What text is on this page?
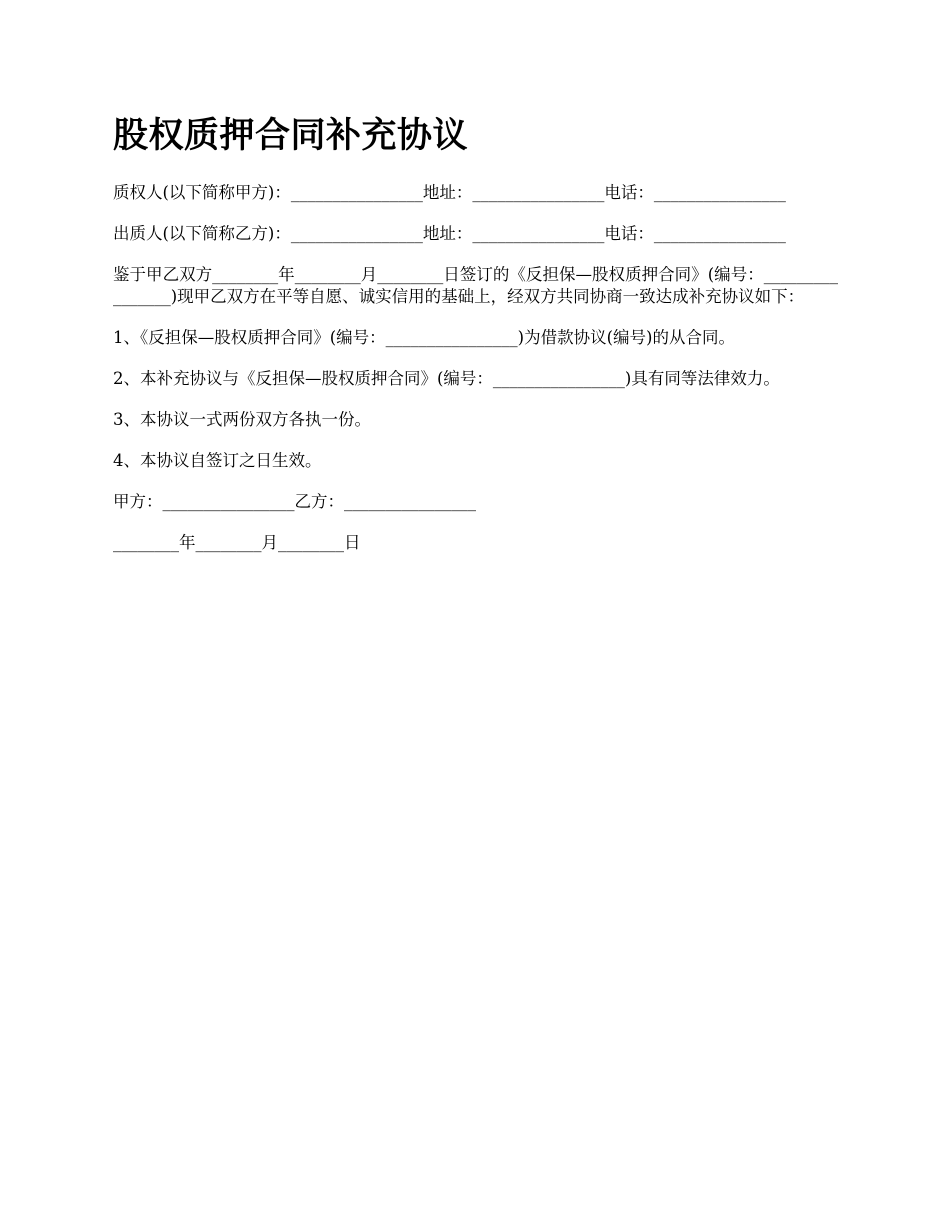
股权质押合同补充协议

质权人(以下简称甲方)：________________地址：________________电话：________________

出质人(以下简称乙方)：________________地址：________________电话：________________

鉴于甲乙双方________年________月________日签订的《反担保—股权质押合同》(编号：________________)现甲乙双方在平等自愿、诚实信用的基础上，经双方共同协商一致达成补充协议如下：

1、《反担保—股权质押合同》(编号：________________)为借款协议(编号)的从合同。

2、本补充协议与《反担保—股权质押合同》(编号：________________)具有同等法律效力。

3、本协议一式两份双方各执一份。

4、本协议自签订之日生效。

甲方：________________乙方：________________

________年________月________日
